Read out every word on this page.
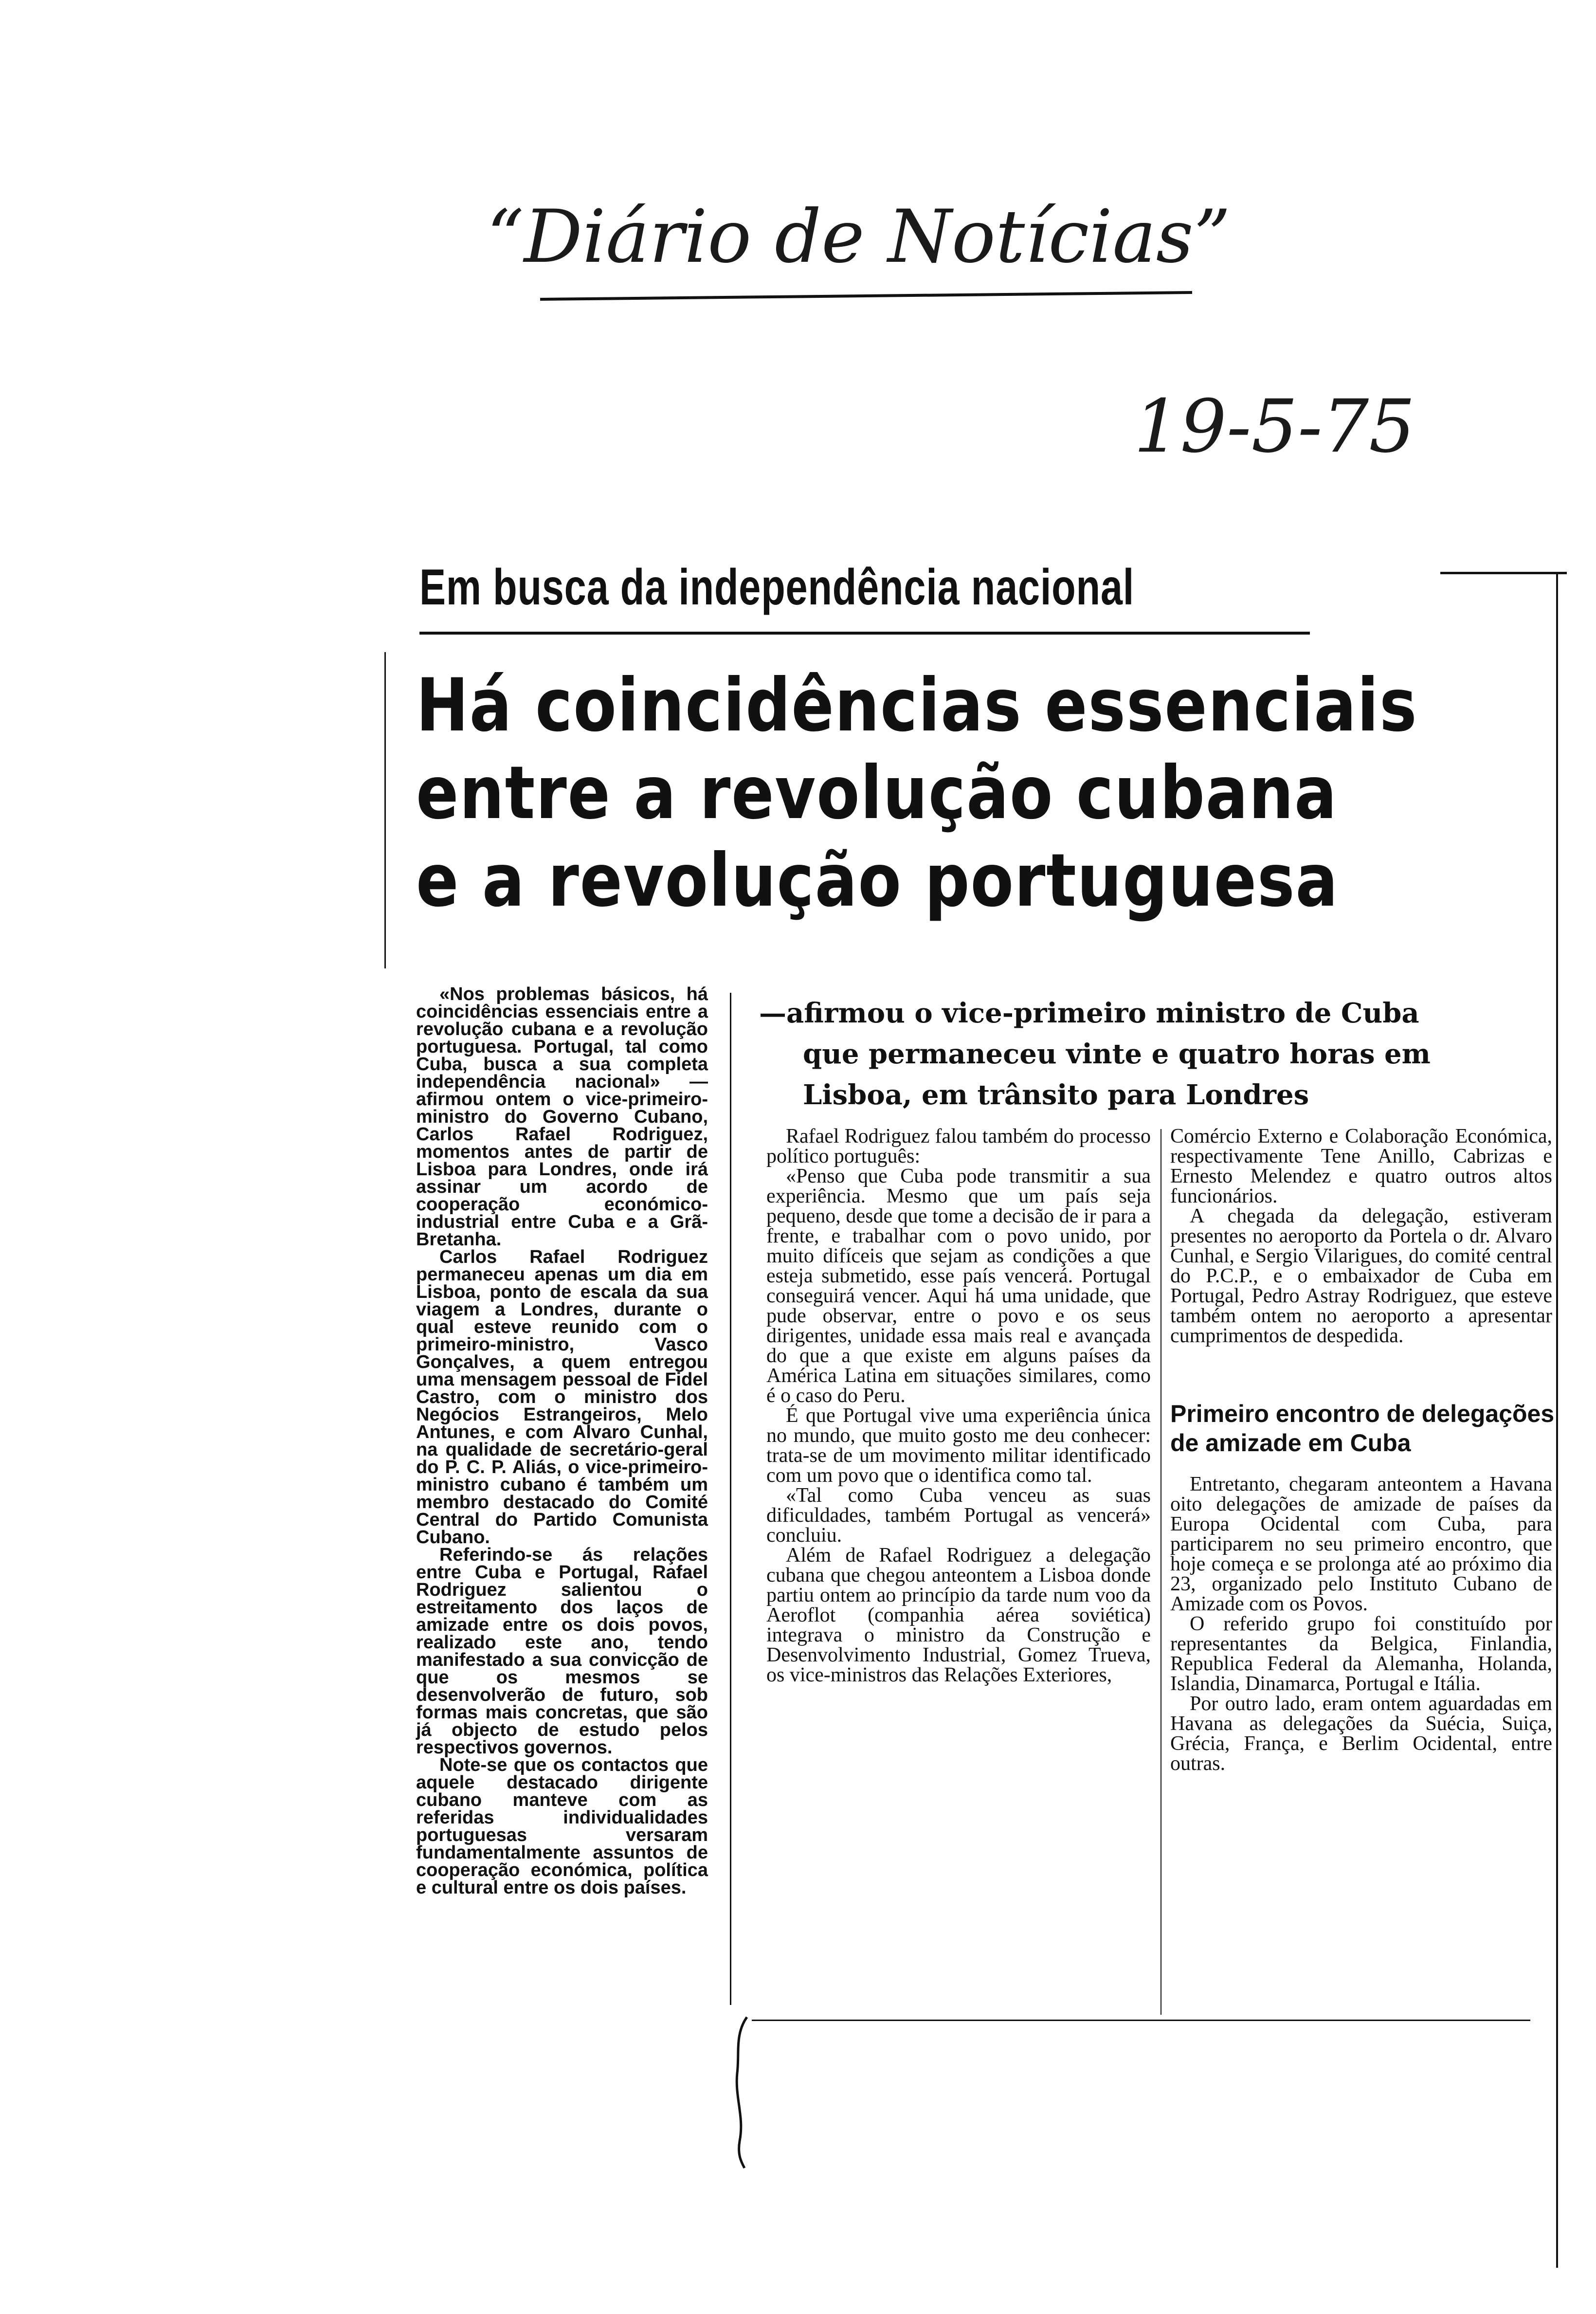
“Diário de Notícias”
19-5-75
Em busca da independência nacional
Há coincidências essenciais
entre a revolução cubana
e a revolução portuguesa

«Nos problemas básicos, há coincidências essenciais entre a revolução cubana e a revolução portuguesa. Portugal, tal como Cuba, busca a sua completa independência nacional» — afirmou ontem o vice-primeiro-ministro do Governo Cubano, Carlos Rafael Rodriguez, momentos antes de partir de Lisboa para Londres, onde irá assinar um acordo de cooperação económico-industrial entre Cuba e a Grã-Bretanha.

Carlos Rafael Rodriguez permaneceu apenas um dia em Lisboa, ponto de escala da sua viagem a Londres, durante o qual esteve reunido com o primeiro-ministro, Vasco Gonçalves, a quem entregou uma mensagem pessoal de Fidel Castro, com o ministro dos Negócios Estrangeiros, Melo Antunes, e com Alvaro Cunhal, na qualidade de secretário-geral do P. C. P. Aliás, o vice-primeiro-ministro cubano é também um membro destacado do Comité Central do Partido Comunista Cubano.

Referindo-se ás relações entre Cuba e Portugal, Rafael Rodriguez salientou o estreitamento dos laços de amizade entre os dois povos, realizado este ano, tendo manifestado a sua convicção de que os mesmos se desenvolverão de futuro, sob formas mais concretas, que são já objecto de estudo pelos respectivos governos.

Note-se que os contactos que aquele destacado dirigente cubano manteve com as referidas individualidades portuguesas versaram fundamentalmente assuntos de cooperação económica, política e cultural entre os dois países.

—afirmou o vice-primeiro ministro de Cuba
que permaneceu vinte e quatro horas em
Lisboa, em trânsito para Londres

Rafael Rodriguez falou também do processo político português:

«Penso que Cuba pode transmitir a sua experiência. Mesmo que um país seja pequeno, desde que tome a decisão de ir para a frente, e trabalhar com o povo unido, por muito difíceis que sejam as condições a que esteja submetido, esse país vencerá. Portugal conseguirá vencer. Aqui há uma unidade, que pude observar, entre o povo e os seus dirigentes, unidade essa mais real e avançada do que a que existe em alguns países da América Latina em situações similares, como é o caso do Peru.

É que Portugal vive uma experiência única no mundo, que muito gosto me deu conhecer: trata-se de um movimento militar identificado com um povo que o identifica como tal.

«Tal como Cuba venceu as suas dificuldades, também Portugal as vencerá» concluiu.

Além de Rafael Rodriguez a delegação cubana que chegou anteontem a Lisboa donde partiu ontem ao princípio da tarde num voo da Aeroflot (companhia aérea soviética) integrava o ministro da Construção e Desenvolvimento Industrial, Gomez Trueva, os vice-ministros das Relações Exteriores,

Comércio Externo e Colaboração Económica, respectivamente Tene Anillo, Cabrizas e Ernesto Melendez e quatro outros altos funcionários.

A chegada da delegação, estiveram presentes no aeroporto da Portela o dr. Alvaro Cunhal, e Sergio Vilarigues, do comité central do P.C.P., e o embaixador de Cuba em Portugal, Pedro Astray Rodriguez, que esteve também ontem no aeroporto a apresentar cumprimentos de despedida.

Primeiro encontro de delegações de amizade em Cuba

Entretanto, chegaram anteontem a Havana oito delegações de amizade de países da Europa Ocidental com Cuba, para participarem no seu primeiro encontro, que hoje começa e se prolonga até ao próximo dia 23, organizado pelo Instituto Cubano de Amizade com os Povos.

O referido grupo foi constituído por representantes da Belgica, Finlandia, Republica Federal da Alemanha, Holanda, Islandia, Dinamarca, Portugal e Itália.

Por outro lado, eram ontem aguardadas em Havana as delegações da Suécia, Suiça, Grécia, França, e Berlim Ocidental, entre outras.
